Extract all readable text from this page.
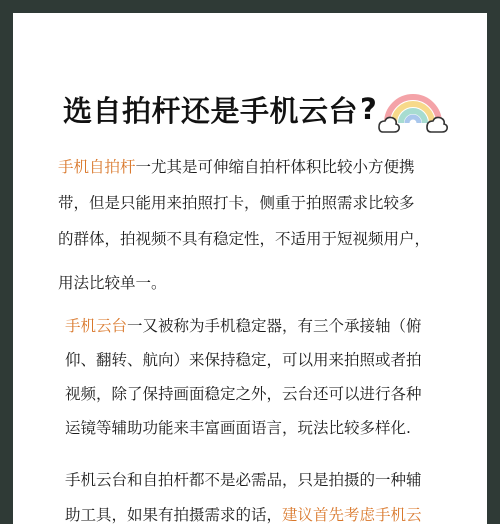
选自拍杆还是手机云台 ?
手机自拍杆一尤其是可伸缩自拍杆体积比较小方便携
带，但是只能用来拍照打卡，侧重于拍照需求比较多
的群体，拍视频不具有稳定性，不适用于短视频用户，
用法比较单一。
手机云台一又被称为手机稳定器，有三个承接轴（俯
仰、翻转、航向）来保持稳定，可以用来拍照或者拍
视频，除了保持画面稳定之外，云台还可以进行各种
运镜等辅助功能来丰富画面语言，玩法比较多样化.
手机云台和自拍杆都不是必需品，只是拍摄的一种辅
助工具，如果有拍摄需求的话，建议首先考虑手机云
